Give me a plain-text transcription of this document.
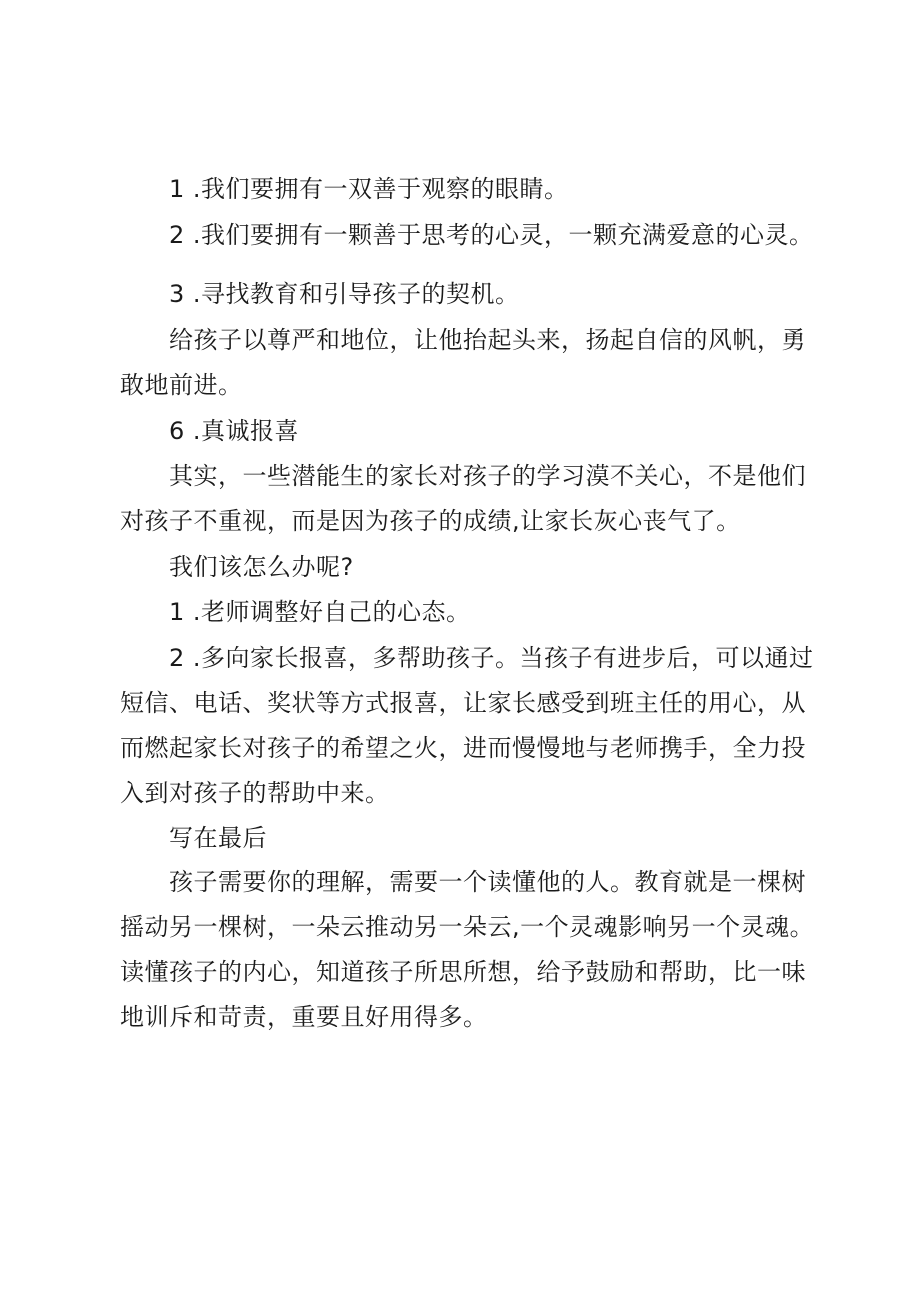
1 .我们要拥有一双善于观察的眼睛。

2 .我们要拥有一颗善于思考的心灵，一颗充满爱意的心灵。

3 .寻找教育和引导孩子的契机。

给孩子以尊严和地位，让他抬起头来，扬起自信的风帆，勇敢地前进。

6 .真诚报喜

其实，一些潜能生的家长对孩子的学习漠不关心，不是他们对孩子不重视，而是因为孩子的成绩,让家长灰心丧气了。

我们该怎么办呢?

1 .老师调整好自己的心态。

2 .多向家长报喜，多帮助孩子。当孩子有进步后，可以通过短信、电话、奖状等方式报喜，让家长感受到班主任的用心，从而燃起家长对孩子的希望之火，进而慢慢地与老师携手，全力投入到对孩子的帮助中来。

写在最后

孩子需要你的理解，需要一个读懂他的人。教育就是一棵树摇动另一棵树，一朵云推动另一朵云,一个灵魂影响另一个灵魂。读懂孩子的内心，知道孩子所思所想，给予鼓励和帮助，比一味地训斥和苛责，重要且好用得多。
